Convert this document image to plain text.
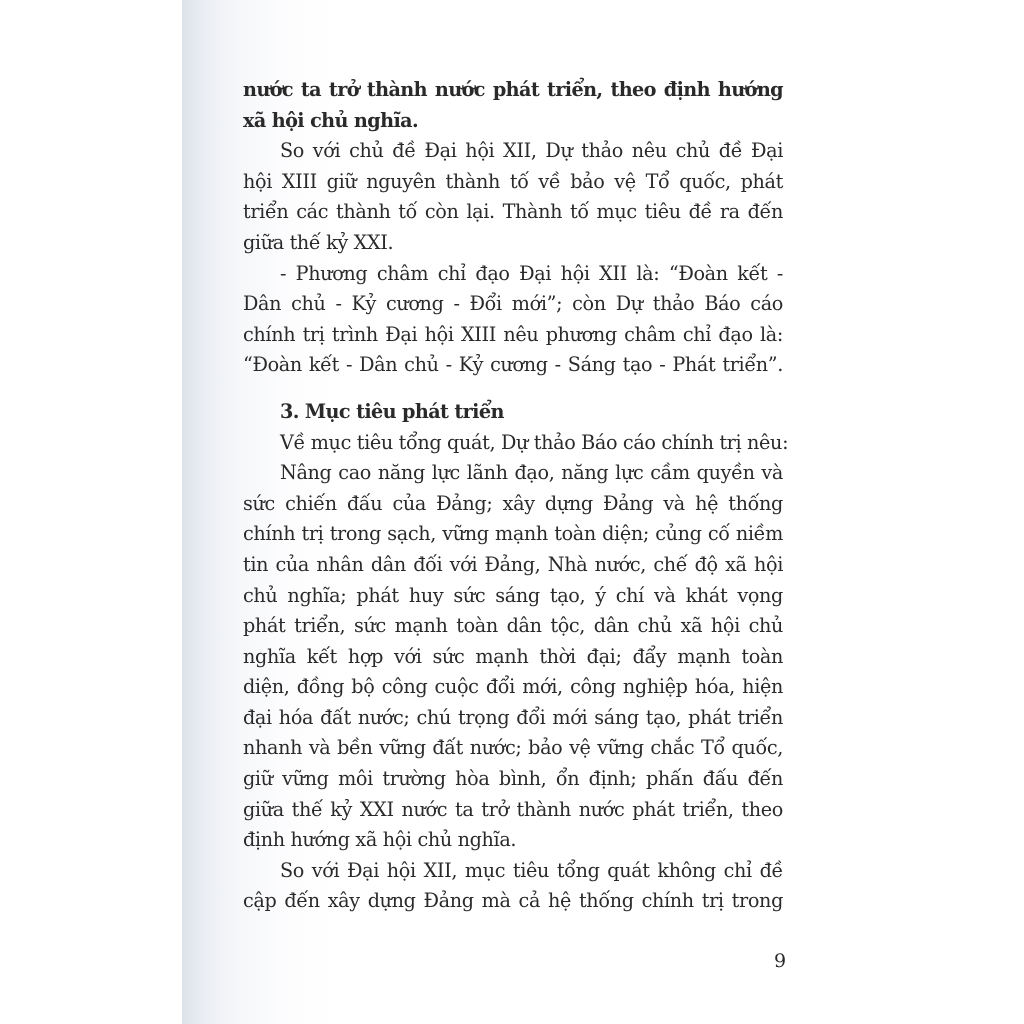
nước ta trở thành nước phát triển, theo định hướng
xã hội chủ nghĩa.
So với chủ đề Đại hội XII, Dự thảo nêu chủ đề Đại
hội XIII giữ nguyên thành tố về bảo vệ Tổ quốc, phát
triển các thành tố còn lại. Thành tố mục tiêu đề ra đến
giữa thế kỷ XXI.
- Phương châm chỉ đạo Đại hội XII là: “Đoàn kết -
Dân chủ - Kỷ cương - Đổi mới”; còn Dự thảo Báo cáo
chính trị trình Đại hội XIII nêu phương châm chỉ đạo là:
“Đoàn kết - Dân chủ - Kỷ cương - Sáng tạo - Phát triển”.
3. Mục tiêu phát triển
Về mục tiêu tổng quát, Dự thảo Báo cáo chính trị nêu:
Nâng cao năng lực lãnh đạo, năng lực cầm quyền và
sức chiến đấu của Đảng; xây dựng Đảng và hệ thống
chính trị trong sạch, vững mạnh toàn diện; củng cố niềm
tin của nhân dân đối với Đảng, Nhà nước, chế độ xã hội
chủ nghĩa; phát huy sức sáng tạo, ý chí và khát vọng
phát triển, sức mạnh toàn dân tộc, dân chủ xã hội chủ
nghĩa kết hợp với sức mạnh thời đại; đẩy mạnh toàn
diện, đồng bộ công cuộc đổi mới, công nghiệp hóa, hiện
đại hóa đất nước; chú trọng đổi mới sáng tạo, phát triển
nhanh và bền vững đất nước; bảo vệ vững chắc Tổ quốc,
giữ vững môi trường hòa bình, ổn định; phấn đấu đến
giữa thế kỷ XXI nước ta trở thành nước phát triển, theo
định hướng xã hội chủ nghĩa.
So với Đại hội XII, mục tiêu tổng quát không chỉ đề
cập đến xây dựng Đảng mà cả hệ thống chính trị trong
9
